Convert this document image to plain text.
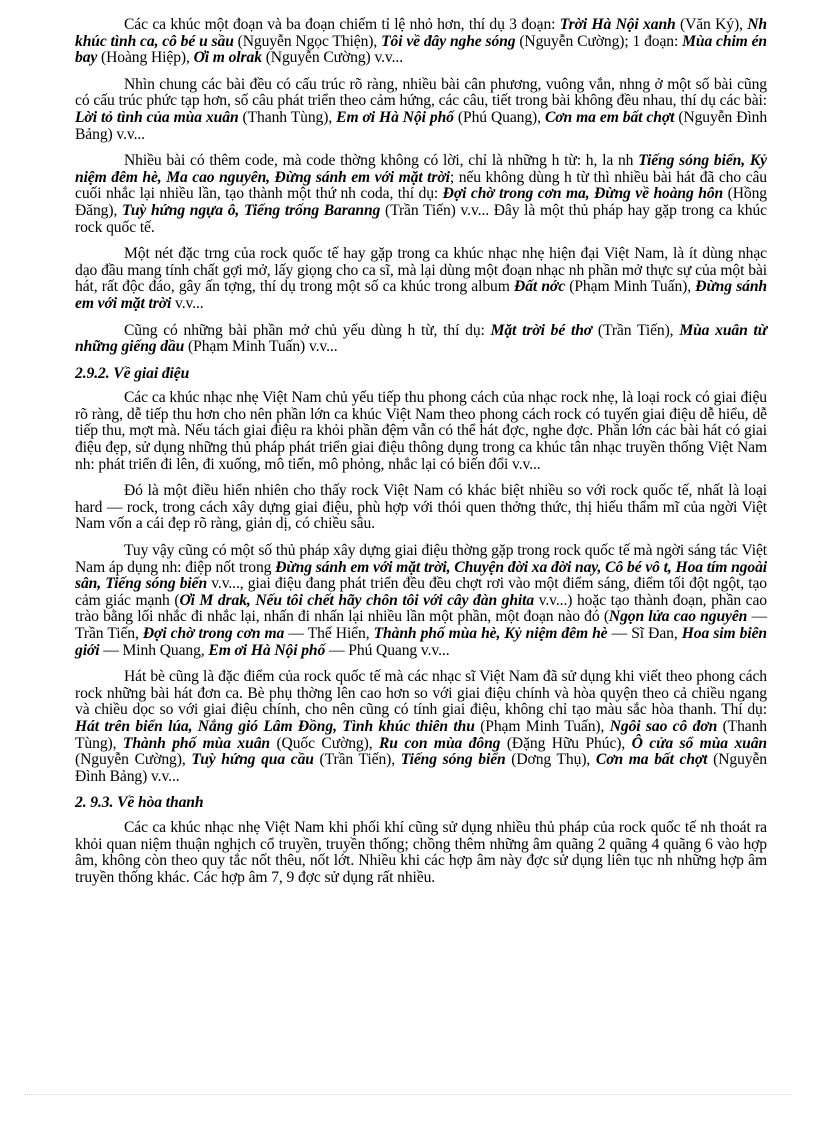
Các ca khúc một đoạn và ba đoạn chiếm tỉ lệ nhỏ hơn, thí dụ 3 đoạn: Trời Hà Nội xanh (Văn Ký), Nh khúc tình ca, cô bé u sầu (Nguyễn Ngọc Thiện), Tôi về đây nghe sóng (Nguyễn Cường); 1 đoạn: Mùa chim én bay (Hoàng Hiệp), Ơi m olrak (Nguyễn Cường) v.v...
Nhìn chung các bài đều có cấu trúc rõ ràng, nhiều bài cân phương, vuông vắn, nhng ở một số bài cũng có cấu trúc phức tạp hơn, số câu phát triển theo cảm hứng, các câu, tiết trong bài không đều nhau, thí dụ các bài: Lời tỏ tình của mùa xuân (Thanh Tùng), Em ơi Hà Nội phố (Phú Quang), Cơn ma em bất chợt (Nguyễn Đình Bảng) v.v...
Nhiều bài có thêm code, mà code thờng không có lời, chỉ là những h từ: h, la nh Tiếng sóng biển, Kỷ niệm đêm hè, Ma cao nguyên, Đừng sánh em với mặt trời; nếu không dùng h từ thì nhiều bài hát đã cho câu cuối nhắc lại nhiều lần, tạo thành một thứ nh coda, thí dụ: Đợi chờ trong cơn ma, Đừng về hoàng hôn (Hồng Đăng), Tuỳ hứng ngựa ô, Tiếng trống Baranng (Trần Tiến) v.v... Đây là một thủ pháp hay gặp trong ca khúc rock quốc tế.
Một nét đặc trng của rock quốc tế hay gặp trong ca khúc nhạc nhẹ hiện đại Việt Nam, là ít dùng nhạc dạo đầu mang tính chất gợi mở, lấy giọng cho ca sĩ, mà lại dùng một đoạn nhạc nh phần mở thực sự của một bài hát, rất độc đáo, gây ấn tợng, thí dụ trong một số ca khúc trong album Đất nớc (Phạm Minh Tuấn), Đừng sánh em với mặt trời v.v...
Cũng có những bài phần mở chủ yếu dùng h từ, thí dụ: Mặt trời bé thơ (Trần Tiến), Mùa xuân từ những giếng dầu (Phạm Minh Tuấn) v.v...
2.9.2. Về giai điệu
Các ca khúc nhạc nhẹ Việt Nam chủ yếu tiếp thu phong cách của nhạc rock nhẹ, là loại rock có giai điệu rõ ràng, dễ tiếp thu hơn cho nên phần lớn ca khúc Việt Nam theo phong cách rock có tuyến giai điệu dễ hiểu, dễ tiếp thu, mợt mà. Nếu tách giai điệu ra khỏi phần đệm vẫn có thể hát đợc, nghe đợc. Phần lớn các bài hát có giai điệu đẹp, sử dụng những thủ pháp phát triển giai điệu thông dụng trong ca khúc tân nhạc truyền thống Việt Nam nh: phát triển đi lên, đi xuống, mô tiến, mô phỏng, nhắc lại có biến đổi v.v...
Đó là một điều hiển nhiên cho thấy rock Việt Nam có khác biệt nhiều so với rock quốc tế, nhất là loại hard — rock, trong cách xây dựng giai điệu, phù hợp với thói quen thởng thức, thị hiếu thẩm mĩ của ngời Việt Nam vốn a cái đẹp rõ ràng, giản dị, có chiều sâu.
Tuy vậy cũng có một số thủ pháp xây dựng giai điệu thờng gặp trong rock quốc tế mà ngời sáng tác Việt Nam áp dụng nh: điệp nốt trong Đừng sánh em với mặt trời, Chuyện đời xa đời nay, Cô bé vô t, Hoa tím ngoài sân, Tiếng sóng biển v.v..., giai điệu đang phát triển đều đều chợt rơi vào một điểm sáng, điểm tối đột ngột, tạo cảm giác mạnh (Ơi M drak, Nếu tôi chết hãy chôn tôi với cây đàn ghita v.v...) hoặc tạo thành đoạn, phần cao trào bằng lối nhắc đi nhắc lại, nhấn đi nhấn lại nhiều lần một phần, một đoạn nào đó (Ngọn lửa cao nguyên — Trần Tiến, Đợi chờ trong cơn ma — Thế Hiển, Thành phố mùa hè, Kỷ niệm đêm hè — Sĩ Đan, Hoa sim biên giới — Minh Quang, Em ơi Hà Nội phố — Phú Quang v.v...
Hát bè cũng là đặc điểm của rock quốc tế mà các nhạc sĩ Việt Nam đã sử dụng khi viết theo phong cách rock những bài hát đơn ca. Bè phụ thờng lên cao hơn so với giai điệu chính và hòa quyện theo cả chiều ngang và chiều dọc so với giai điệu chính, cho nên cũng có tính giai điệu, không chỉ tạo màu sắc hòa thanh. Thí dụ: Hát trên biển lúa, Nắng gió Lâm Đồng, Tình khúc thiên thu (Phạm Minh Tuấn), Ngôi sao cô đơn (Thanh Tùng), Thành phố mùa xuân (Quốc Cường), Ru con mùa đông (Đặng Hữu Phúc), Ô cửa sổ mùa xuân (Nguyễn Cường), Tuỳ hứng qua cầu (Trần Tiến), Tiếng sóng biển (Dơng Thụ), Cơn ma bất chợt (Nguyễn Đình Bảng) v.v...
2. 9.3. Về hòa thanh
Các ca khúc nhạc nhẹ Việt Nam khi phối khí cũng sử dụng nhiều thủ pháp của rock quốc tế nh thoát ra khỏi quan niệm thuận nghịch cổ truyền, truyền thống; chồng thêm những âm quãng 2 quãng 4 quãng 6 vào hợp âm, không còn theo quy tắc nốt thêu, nốt lớt. Nhiều khi các hợp âm này đợc sử dụng liên tục nh những hợp âm truyền thống khác. Các hợp âm 7, 9 đợc sử dụng rất nhiều.
